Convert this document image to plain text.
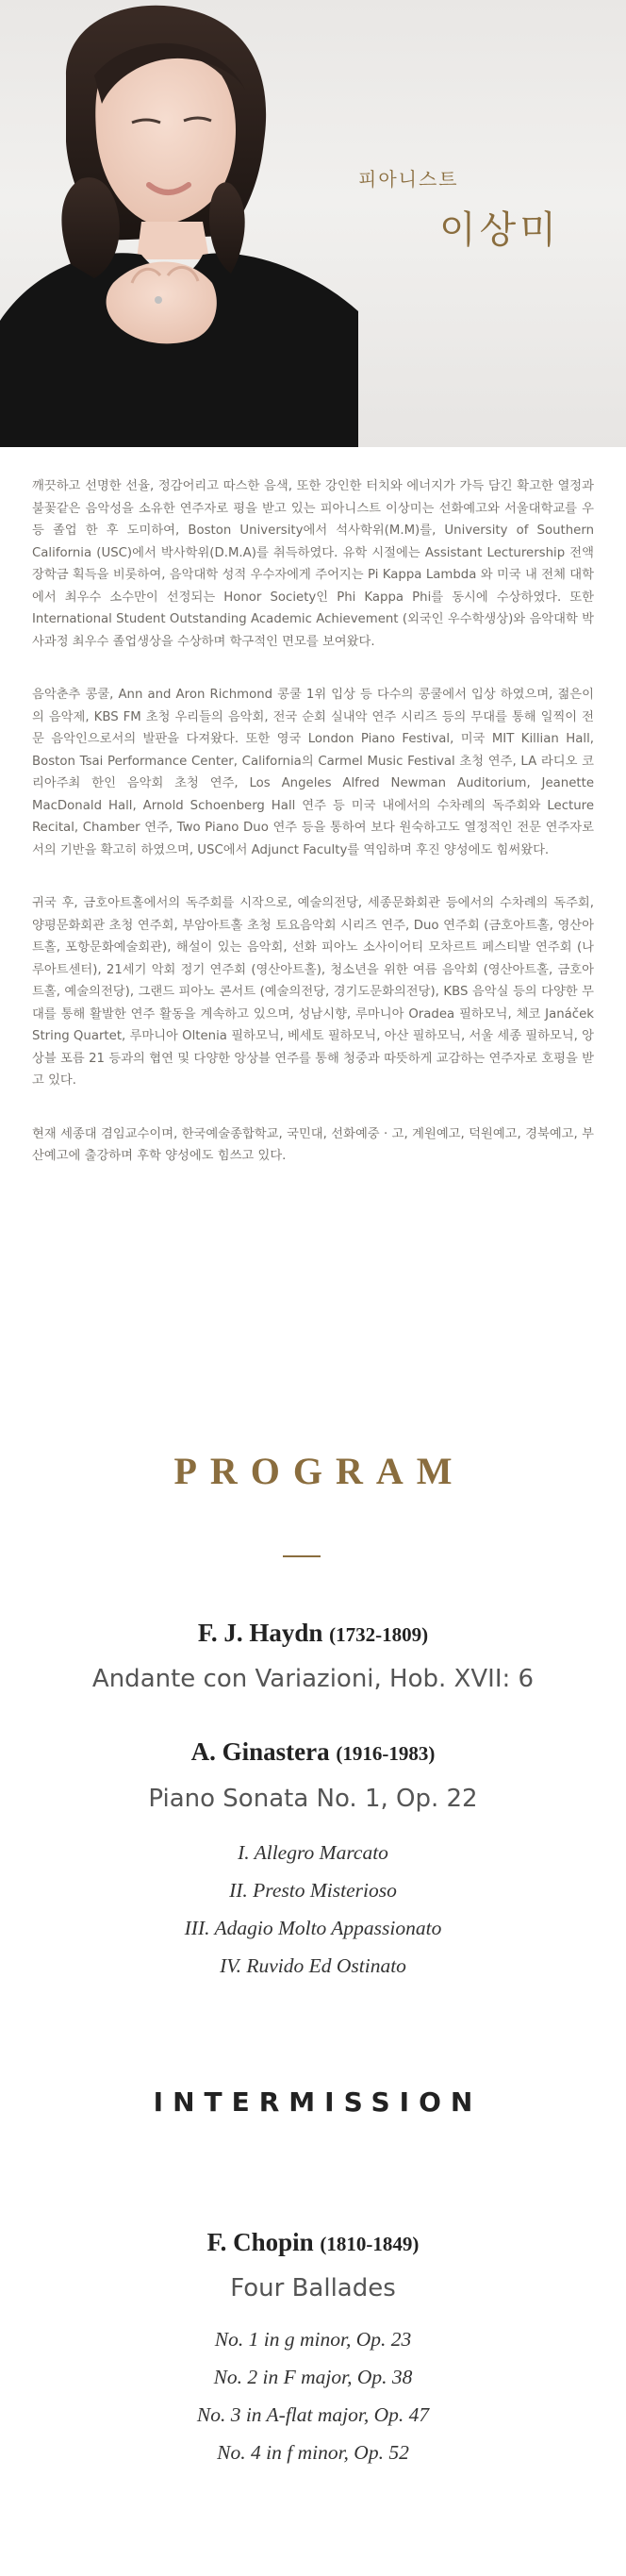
피아니스트
이상미

깨끗하고 선명한 선율, 정감어리고 따스한 음색, 또한 강인한 터치와 에너지가 가득 담긴 확고한 열정과 불꽃같은 음악성을 소유한 연주자로 평을 받고 있는 피아니스트 이상미는 선화예고와 서울대학교를 우등 졸업 한 후 도미하여, Boston University에서 석사학위(M.M)를, University of Southern California (USC)에서 박사학위(D.M.A)를 취득하였다. 유학 시절에는 Assistant Lecturership 전액 장학금 획득을 비롯하여, 음악대학 성적 우수자에게 주어지는 Pi Kappa Lambda 와 미국 내 전체 대학에서 최우수 소수만이 선정되는 Honor Society인 Phi Kappa Phi를 동시에 수상하였다. 또한 International Student Outstanding Academic Achievement (외국인 우수학생상)와 음악대학 박사과정 최우수 졸업생상을 수상하며 학구적인 면모를 보여왔다.

음악춘추 콩쿨, Ann and Aron Richmond 콩쿨 1위 입상 등 다수의 콩쿨에서 입상 하였으며, 젊은이의 음악제, KBS FM 초청 우리들의 음악회, 전국 순회 실내악 연주 시리즈 등의 무대를 통해 일찍이 전문 음악인으로서의 발판을 다져왔다. 또한 영국 London Piano Festival, 미국 MIT Killian Hall, Boston Tsai Performance Center, California의 Carmel Music Festival 초청 연주, LA 라디오 코리아주최 한인 음악회 초청 연주, Los Angeles Alfred Newman Auditorium, Jeanette MacDonald Hall, Arnold Schoenberg Hall 연주 등 미국 내에서의 수차례의 독주회와 Lecture Recital, Chamber 연주, Two Piano Duo 연주 등을 통하여 보다 원숙하고도 열정적인 전문 연주자로서의 기반을 확고히 하였으며, USC에서 Adjunct Faculty를 역임하며 후진 양성에도 힘써왔다.

귀국 후, 금호아트홀에서의 독주회를 시작으로, 예술의전당, 세종문화회관 등에서의 수차례의 독주회, 양평문화회관 초청 연주회, 부암아트홀 초청 토요음악회 시리즈 연주, Duo 연주회 (금호아트홀, 영산아트홀, 포항문화예술회관), 해설이 있는 음악회, 선화 피아노 소사이어티 모차르트 페스티발 연주회 (나루아트센터), 21세기 악회 정기 연주회 (영산아트홀), 청소년을 위한 여름 음악회 (영산아트홀, 금호아트홀, 예술의전당), 그랜드 피아노 콘서트 (예술의전당, 경기도문화의전당), KBS 음악실 등의 다양한 무대를 통해 활발한 연주 활동을 계속하고 있으며, 성남시향, 루마니아 Oradea 필하모닉, 체코 Janáček String Quartet, 루마니아 Oltenia 필하모닉, 베세토 필하모닉, 아산 필하모닉, 서울 세종 필하모닉, 앙상블 포름 21 등과의 협연 및 다양한 앙상블 연주를 통해 청중과 따뜻하게 교감하는 연주자로 호평을 받고 있다.

현재 세종대 겸임교수이며, 한국예술종합학교, 국민대, 선화예중 · 고, 계원예고, 덕원예고, 경북예고, 부산예고에 출강하며 후학 양성에도 힘쓰고 있다.

PROGRAM
F. J. Haydn (1732-1809)
Andante con Variazioni, Hob. XVII: 6
A. Ginastera (1916-1983)
Piano Sonata No. 1, Op. 22
I. Allegro Marcato
II. Presto Misterioso
III. Adagio Molto Appassionato
IV. Ruvido Ed Ostinato
INTERMISSION
F. Chopin (1810-1849)
Four Ballades
No. 1 in g minor, Op. 23
No. 2 in F major, Op. 38
No. 3 in A-flat major, Op. 47
No. 4 in f minor, Op. 52
